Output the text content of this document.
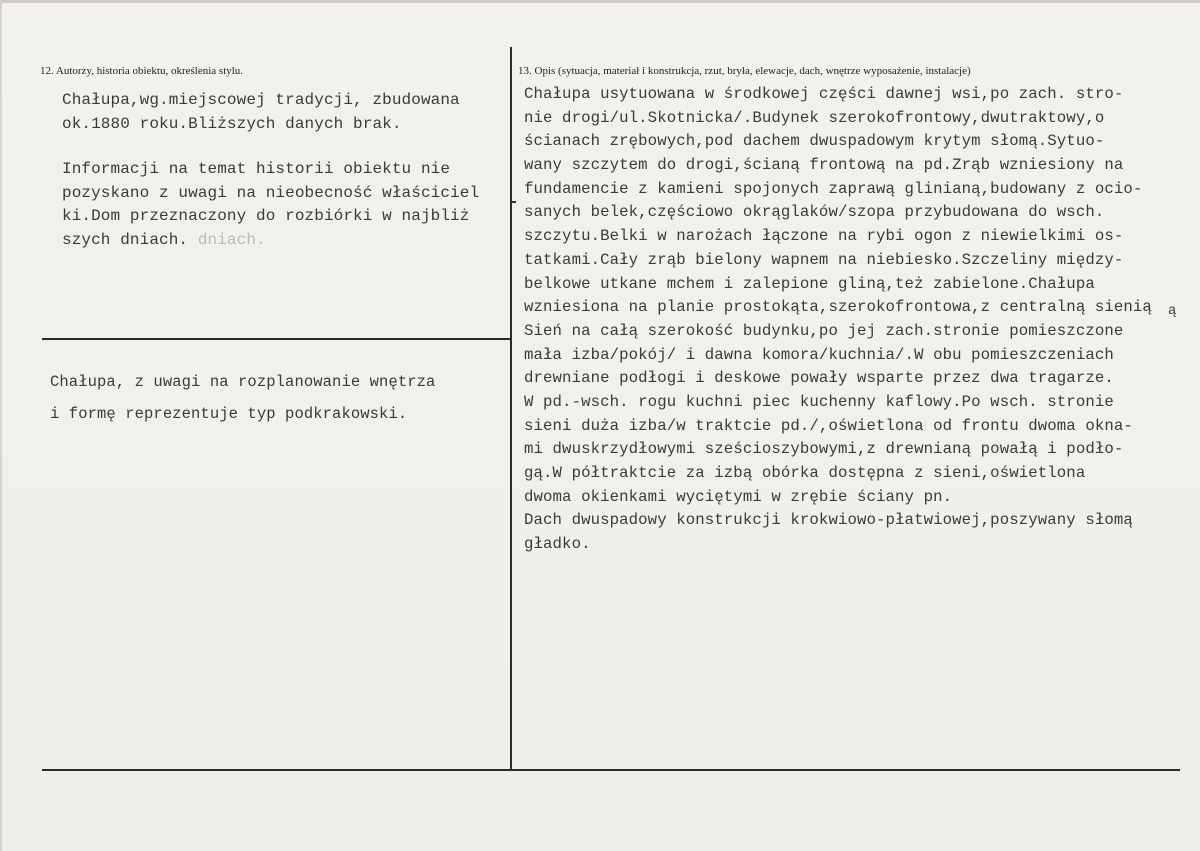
12. Autorzy, historia obiektu, określenia stylu.	13. Opis (sytuacja, materiał i konstrukcja, rzut, bryła, elewacje, dach, wnętrze wyposażenie, instalacje)
Chałupa,wg.miejscowej tradycji, zbudowana
ok.1880 roku.Bliższych danych brak.
Informacji na temat historii obiektu nie
pozyskano z uwagi na nieobecność właściciel
ki.Dom przeznaczony do rozbiórki w najbliż
szych dniach. dniach.
Chałupa, z uwagi na rozplanowanie wnętrza
i formę reprezentuje typ podkrakowski.
Chałupa usytuowana w środkowej części dawnej wsi,po zach. stro-
nie drogi/ul.Skotnicka/.Budynek szerokofrontowy,dwutraktowy,o
ścianach zrębowych,pod dachem dwuspadowym krytym słomą.Sytuo-
wany szczytem do drogi,ścianą frontową na pd.Zrąb wzniesiony na
fundamencie z kamieni spojonych zaprawą glinianą,budowany z ocio-
sanych belek,częściowo okrąglaków/szopa przybudowana do wsch.
szczytu.Belki w narożach łączone na rybi ogon z niewielkimi os-
tatkami.Cały zrąb bielony wapnem na niebiesko.Szczeliny między-
belkowe utkane mchem i zalepione gliną,też zabielone.Chałupa
wzniesiona na planie prostokąta,szerokofrontowa,z centralną sienią
Sień na całą szerokość budynku,po jej zach.stronie pomieszczone
mała izba/pokój/ i dawna komora/kuchnia/.W obu pomieszczeniach
drewniane podłogi i deskowe powały wsparte przez dwa tragarze.
W pd.-wsch. rogu kuchni piec kuchenny kaflowy.Po wsch. stronie
sieni duża izba/w traktcie pd./,oświetlona od frontu dwoma okna-
mi dwuskrzydłowymi sześcioszybowymi,z drewnianą powałą i podło-
gą.W półtraktcie za izbą obórka dostępna z sieni,oświetlona
dwoma okienkami wyciętymi w zrębie ściany pn.
Dach dwuspadowy konstrukcji krokwiowo-płatwiowej,poszywany słomą
gładko.
ą
